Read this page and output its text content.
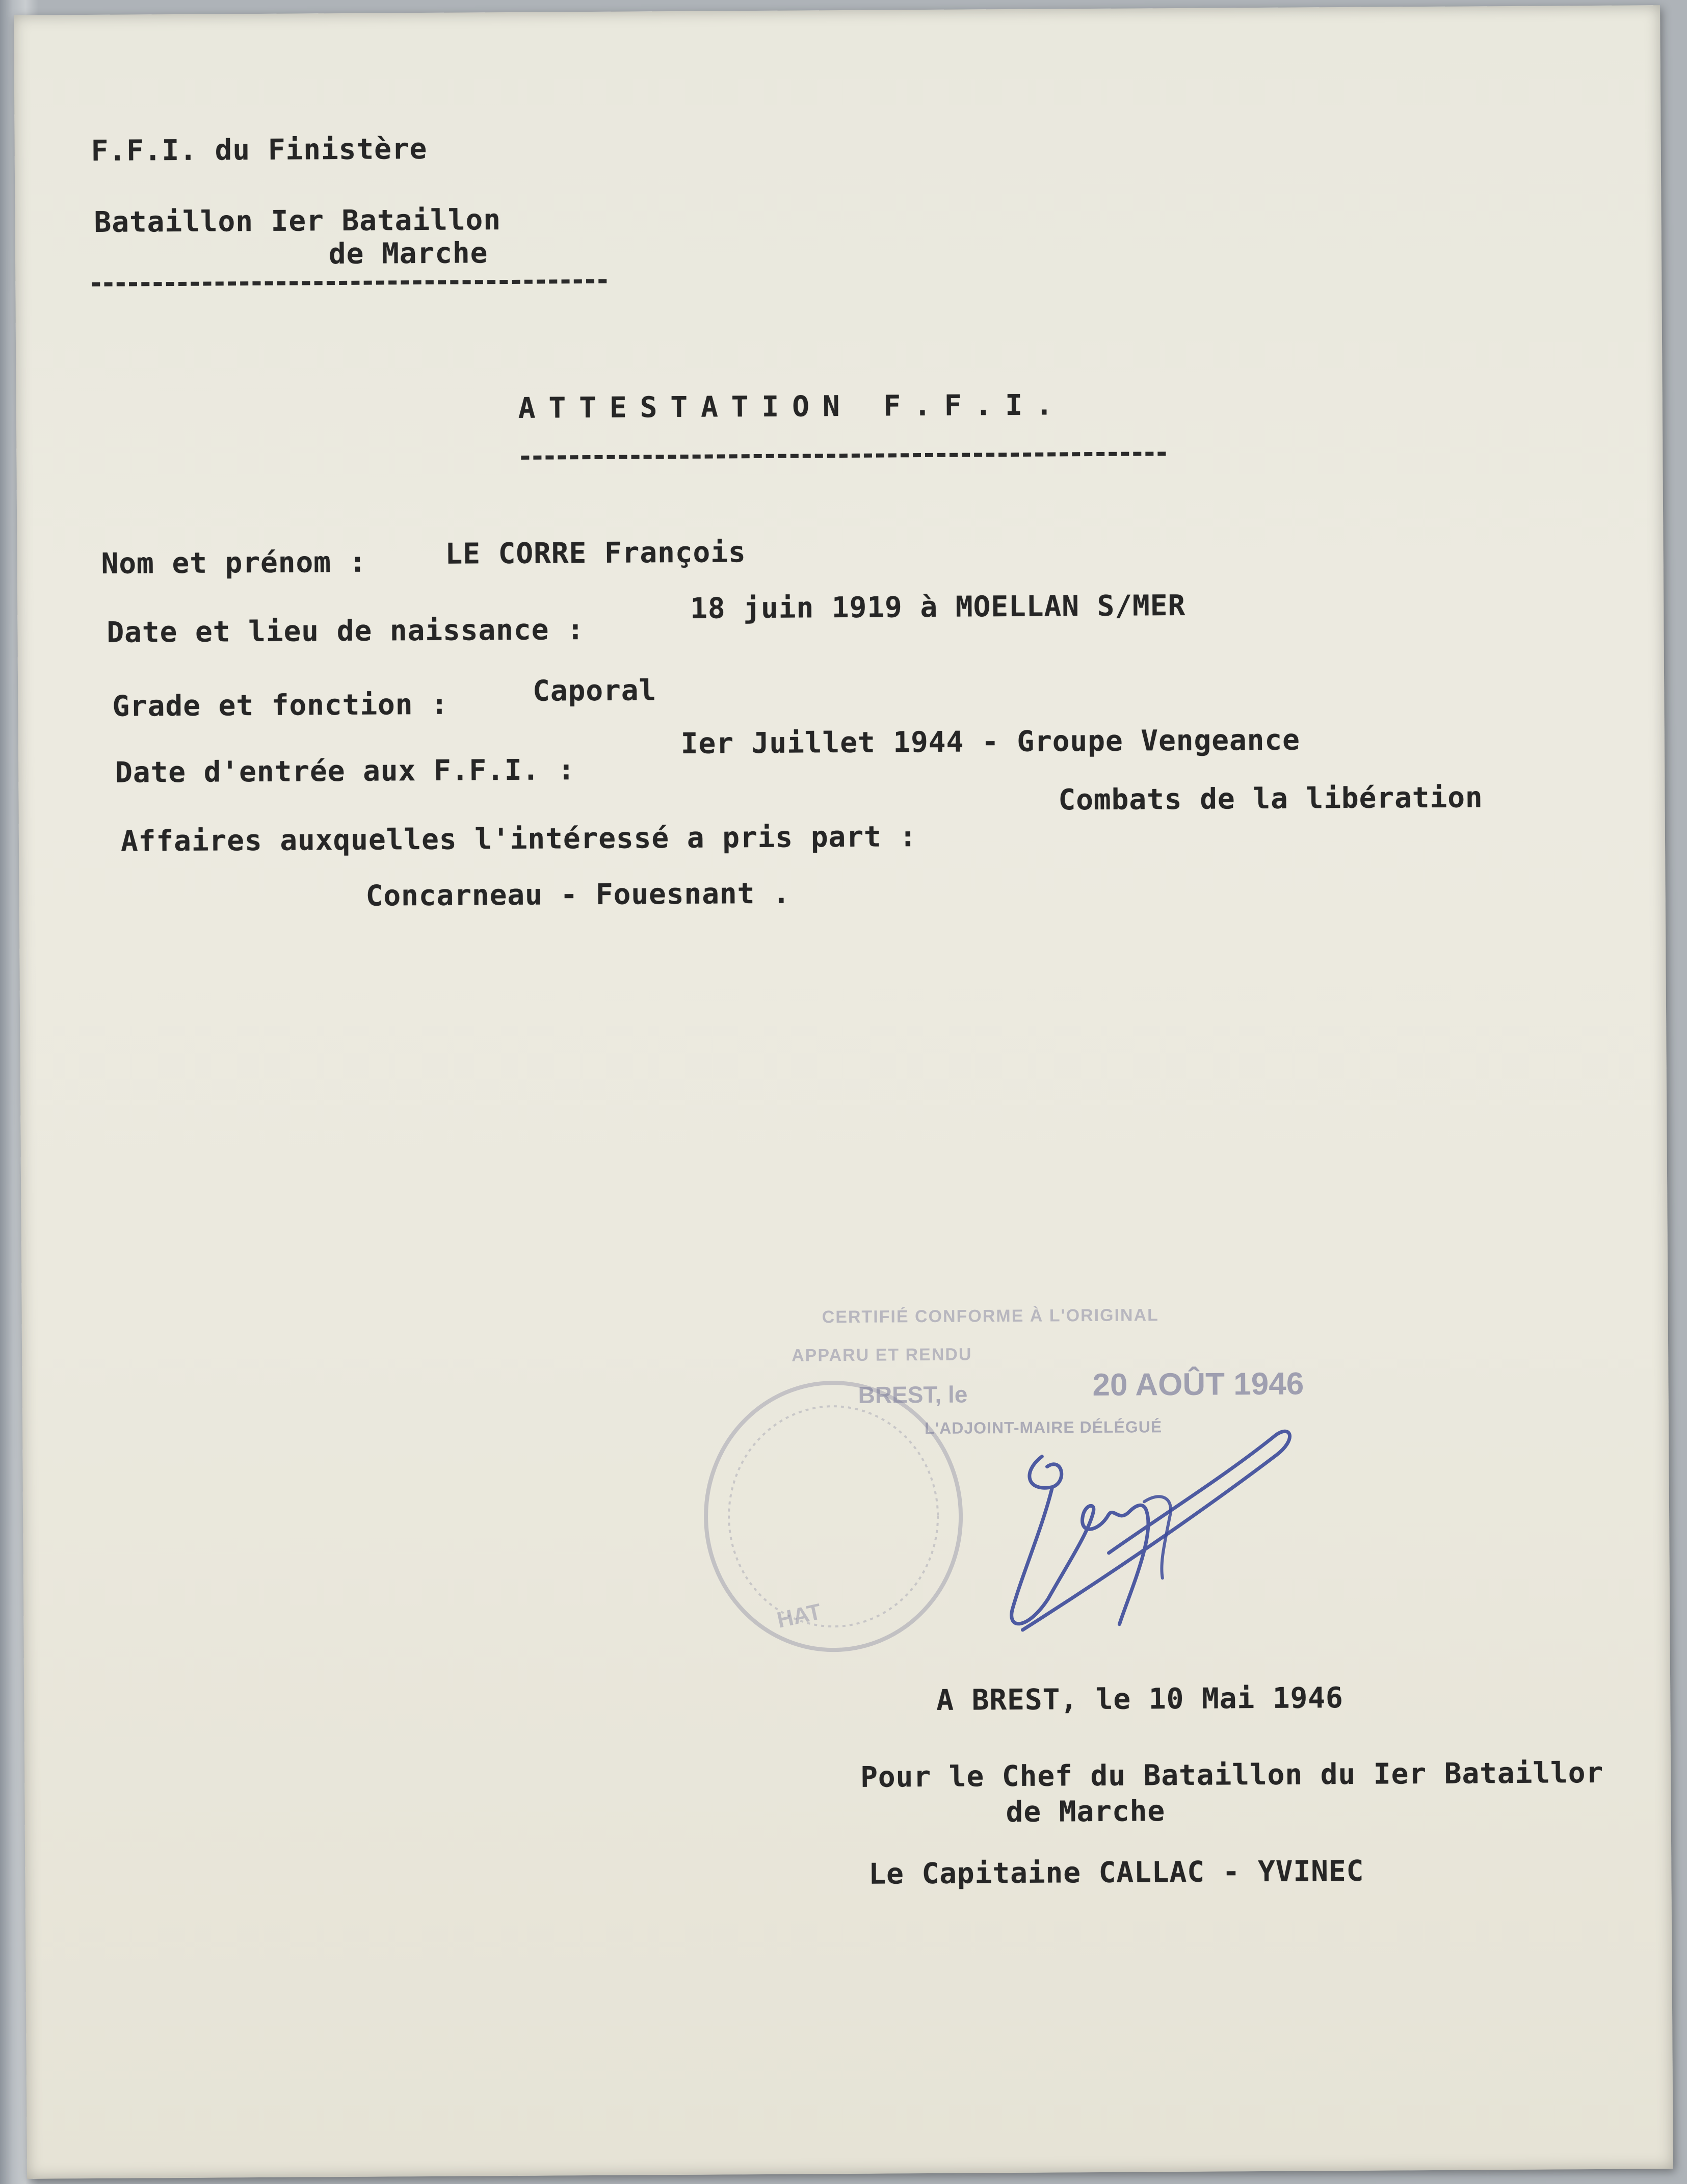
F.F.I. du Finistère
Bataillon Ier Bataillon
de Marche
ATTESTATION F.F.I.
Nom et prénom :	LE CORRE François
Date et lieu de naissance :
18 juin 1919 à MOELLAN S/MER
Grade et fonction :	Caporal
Date d'entrée aux F.F.I. :
Ier Juillet 1944 - Groupe Vengeance
Affaires auxquelles l'intéressé a pris part :
Combats de la libération
Concarneau - Fouesnant .
HAT
CERTIFIÉ CONFORME À L'ORIGINAL
APPARU ET RENDU
BREST, le	20 AOÛT 1946
L'ADJOINT-MAIRE DÉLÉGUÉ
A BREST, le 10 Mai 1946
Pour le Chef du Bataillon du Ier Bataillor
de Marche
Le Capitaine CALLAC - YVINEC
